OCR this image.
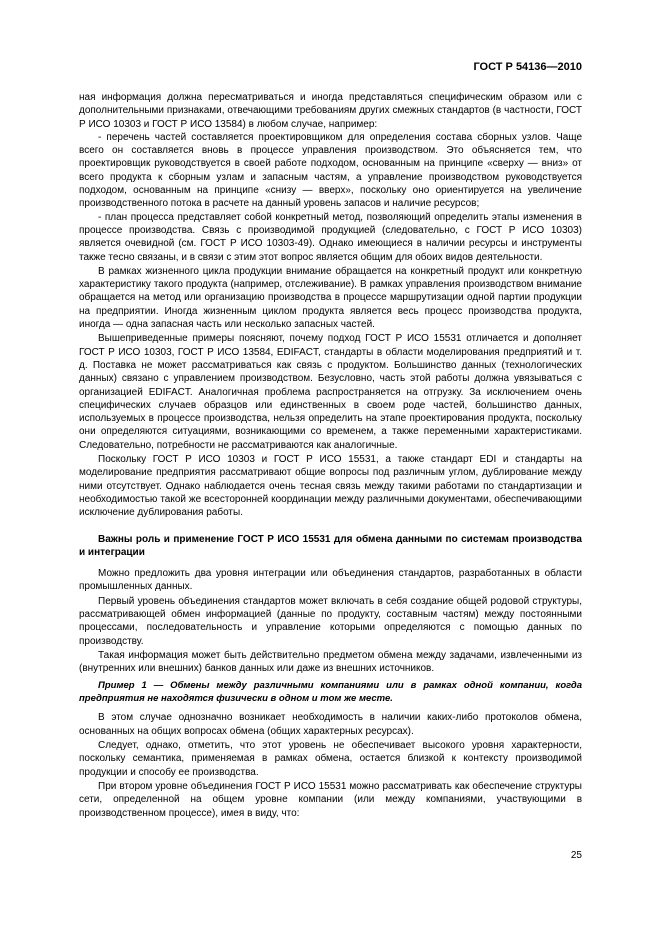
ГОСТ Р 54136—2010

ная информация должна пересматриваться и иногда представляться специфическим образом или с дополнительными признаками, отвечающими требованиям других смежных стандартов (в частности, ГОСТ Р ИСО 10303 и ГОСТ Р ИСО 13584) в любом случае, например:

- перечень частей составляется проектировщиком для определения состава сборных узлов. Чаще всего он составляется вновь в процессе управления производством. Это объясняется тем, что проектировщик руководствуется в своей работе подходом, основанным на принципе «сверху — вниз» от всего продукта к сборным узлам и запасным частям, а управление производством руководствуется подходом, основанным на принципе «снизу — вверх», поскольку оно ориентируется на увеличение производственного потока в расчете на данный уровень запасов и наличие ресурсов;

- план процесса представляет собой конкретный метод, позволяющий определить этапы изменения в процессе производства. Связь с производимой продукцией (следовательно, с ГОСТ Р ИСО 10303) является очевидной (см. ГОСТ Р ИСО 10303-49). Однако имеющиеся в наличии ресурсы и инструменты также тесно связаны, и в связи с этим этот вопрос является общим для обоих видов деятельности.

В рамках жизненного цикла продукции внимание обращается на конкретный продукт или конкретную характеристику такого продукта (например, отслеживание). В рамках управления производством внимание обращается на метод или организацию производства в процессе маршрутизации одной партии продукции на предприятии. Иногда жизненным циклом продукта является весь процесс производства продукта, иногда — одна запасная часть или несколько запасных частей.

Вышеприведенные примеры поясняют, почему подход ГОСТ Р ИСО 15531 отличается и дополняет ГОСТ Р ИСО 10303, ГОСТ Р ИСО 13584, EDIFACT, стандарты в области моделирования предприятий и т. д. Поставка не может рассматриваться как связь с продуктом. Большинство данных (технологических данных) связано с управлением производством. Безусловно, часть этой работы должна увязываться с организацией EDIFACT. Аналогичная проблема распространяется на отгрузку. За исключением очень специфических случаев образцов или единственных в своем роде частей, большинство данных, используемых в процессе производства, нельзя определить на этапе проектирования продукта, поскольку они определяются ситуациями, возникающими со временем, а также переменными характеристиками. Следовательно, потребности не рассматриваются как аналогичные.

Поскольку ГОСТ Р ИСО 10303 и ГОСТ Р ИСО 15531, а также стандарт EDI и стандарты на моделирование предприятия рассматривают общие вопросы под различным углом, дублирование между ними отсутствует. Однако наблюдается очень тесная связь между такими работами по стандартизации и необходимостью такой же всесторонней координации между различными документами, обеспечивающими исключение дублирования работы.

Важны роль и применение ГОСТ Р ИСО 15531 для обмена данными по системам производства и интеграции

Можно предложить два уровня интеграции или объединения стандартов, разработанных в области промышленных данных.

Первый уровень объединения стандартов может включать в себя создание общей родовой структуры, рассматривающей обмен информацией (данные по продукту, составным частям) между постоянными процессами, последовательность и управление которыми определяются с помощью данных по производству.

Такая информация может быть действительно предметом обмена между задачами, извлеченными из (внутренних или внешних) банков данных или даже из внешних источников.

Пример 1 — Обмены между различными компаниями или в рамках одной компании, когда предприятия не находятся физически в одном и том же месте.

В этом случае однозначно возникает необходимость в наличии каких-либо протоколов обмена, основанных на общих вопросах обмена (общих характерных ресурсах).

Следует, однако, отметить, что этот уровень не обеспечивает высокого уровня характерности, поскольку семантика, применяемая в рамках обмена, остается близкой к контексту производимой продукции и способу ее производства.

При втором уровне объединения ГОСТ Р ИСО 15531 можно рассматривать как обеспечение структуры сети, определенной на общем уровне компании (или между компаниями, участвующими в производственном процессе), имея в виду, что:

25
